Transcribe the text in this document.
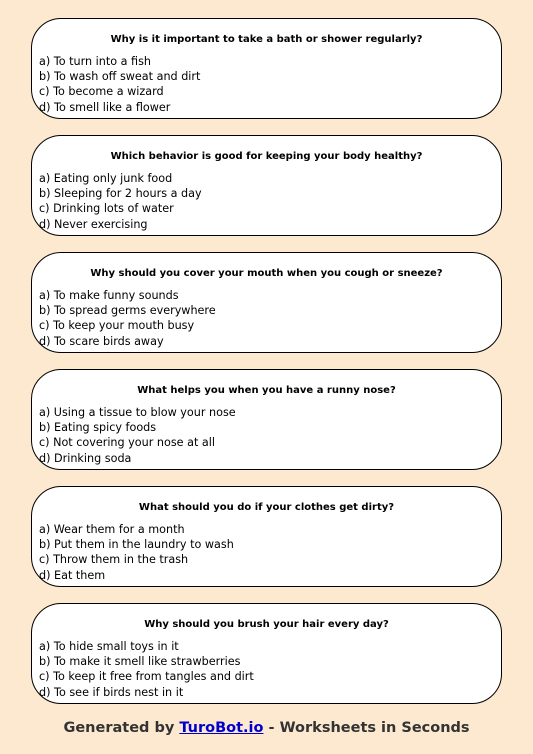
Why is it important to take a bath or shower regularly?
a) To turn into a fish
b) To wash off sweat and dirt
c) To become a wizard
d) To smell like a flower
Which behavior is good for keeping your body healthy?
a) Eating only junk food
b) Sleeping for 2 hours a day
c) Drinking lots of water
d) Never exercising
Why should you cover your mouth when you cough or sneeze?
a) To make funny sounds
b) To spread germs everywhere
c) To keep your mouth busy
d) To scare birds away
What helps you when you have a runny nose?
a) Using a tissue to blow your nose
b) Eating spicy foods
c) Not covering your nose at all
d) Drinking soda
What should you do if your clothes get dirty?
a) Wear them for a month
b) Put them in the laundry to wash
c) Throw them in the trash
d) Eat them
Why should you brush your hair every day?
a) To hide small toys in it
b) To make it smell like strawberries
c) To keep it free from tangles and dirt
d) To see if birds nest in it
Generated by TuroBot.io - Worksheets in Seconds
